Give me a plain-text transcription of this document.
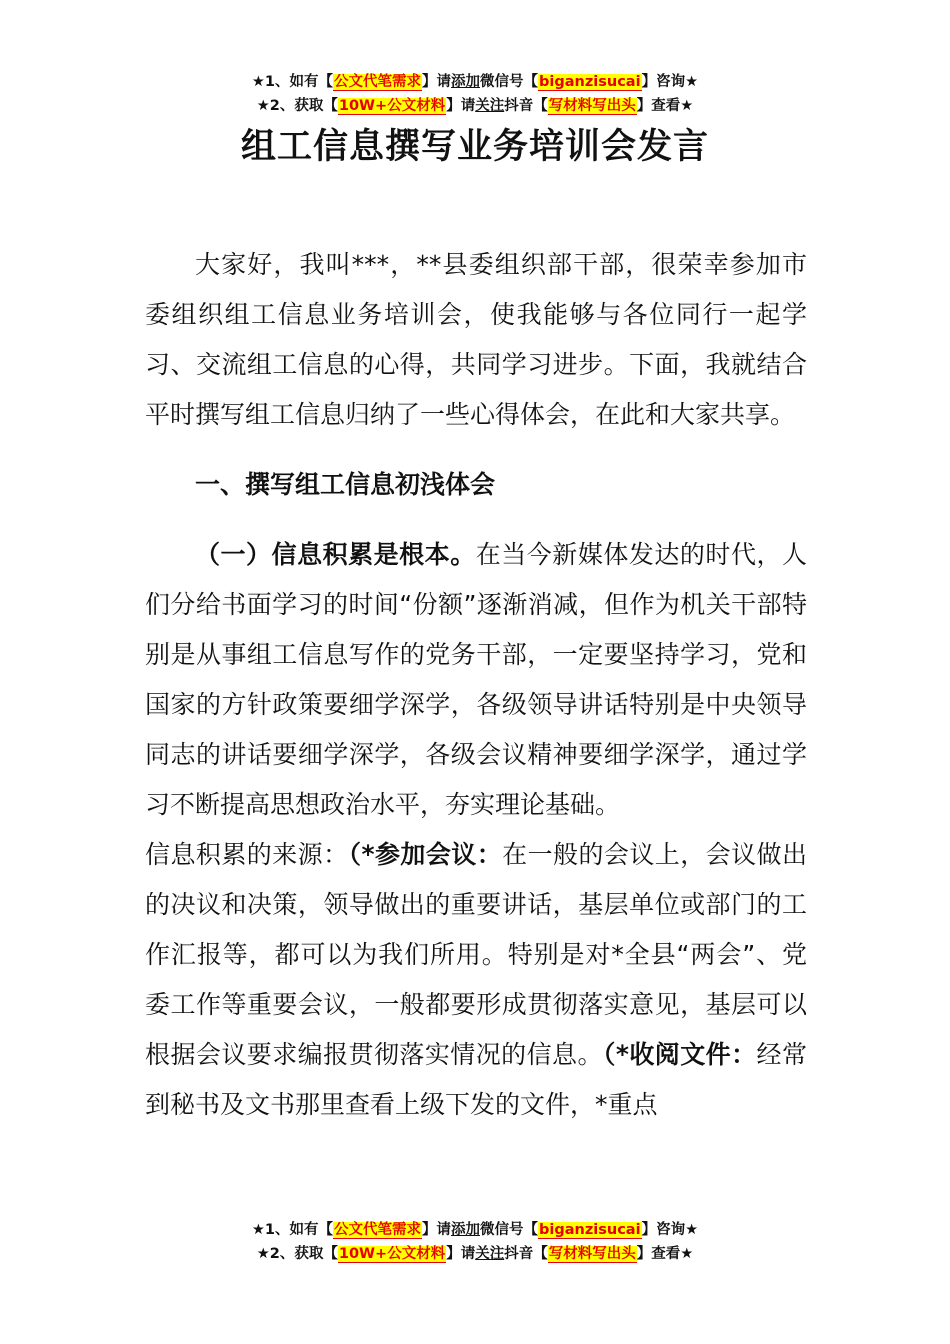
★1、如有【公文代笔需求】请添加微信号【biganzisucai】咨询★
★2、获取【10W+公文材料】请关注抖音【写材料写出头】查看★
组工信息撰写业务培训会发言

大家好，我叫***，**县委组织部干部，很荣幸参加市委组织组工信息业务培训会，使我能够与各位同行一起学习、交流组工信息的心得，共同学习进步。下面，我就结合平时撰写组工信息归纳了一些心得体会，在此和大家共享。

一、撰写组工信息初浅体会

（一）信息积累是根本。在当今新媒体发达的时代，人们分给书面学习的时间“份额”逐渐消减，但作为机关干部特别是从事组工信息写作的党务干部，一定要坚持学习，党和国家的方针政策要细学深学，各级领导讲话特别是中央领导同志的讲话要细学深学，各级会议精神要细学深学，通过学习不断提高思想政治水平，夯实理论基础。

信息积累的来源：（*参加会议：在一般的会议上，会议做出的决议和决策，领导做出的重要讲话，基层单位或部门的工作汇报等，都可以为我们所用。特别是对*全县“两会”、党委工作等重要会议，一般都要形成贯彻落实意见，基层可以根据会议要求编报贯彻落实情况的信息。（*收阅文件：经常到秘书及文书那里查看上级下发的文件，*重点

★1、如有【公文代笔需求】请添加微信号【biganzisucai】咨询★
★2、获取【10W+公文材料】请关注抖音【写材料写出头】查看★
